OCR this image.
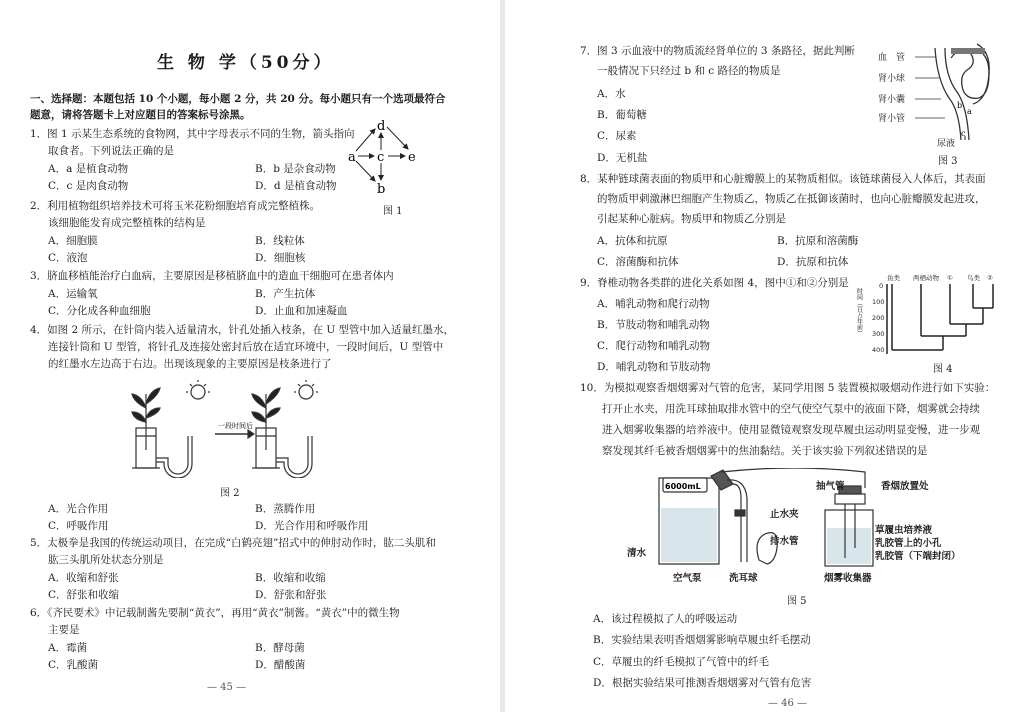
生 物 学（50分）
一、选择题：本题包括 10 个小题，每小题 2 分，共 20 分。每小题只有一个选项最符合
题意，请将答题卡上对应题目的答案标号涂黑。
1．图 1 示某生态系统的食物网，其中字母表示不同的生物，箭头指向
取食者。下列说法正确的是
A．a 是植食动物	B．b 是杂食动物
C．c 是肉食动物	D．d 是植食动物
a
b
c
d
e
图 1
2．利用植物组织培养技术可将玉米花粉细胞培育成完整植株。
该细胞能发育成完整植株的结构是
A．细胞膜	B．线粒体
C．液泡	D．细胞核
3．脐血移植能治疗白血病，主要原因是移植脐血中的造血干细胞可在患者体内
A．运输氧	B．产生抗体
C．分化成各种血细胞	D．止血和加速凝血
4．如图 2 所示，在针筒内装入适量清水，针孔处插入枝条，在 U 型管中加入适量红墨水，
连接针筒和 U 型管，将针孔及连接处密封后放在适宜环境中，一段时间后，U 型管中
的红墨水左边高于右边。出现该现象的主要原因是枝条进行了
一段时间后
图 2
A．光合作用	B．蒸腾作用
C．呼吸作用	D．光合作用和呼吸作用
5．太极拳是我国的传统运动项目，在完成“白鹤亮翅”招式中的伸肘动作时，肱二头肌和
肱三头肌所处状态分别是
A．收缩和舒张	B．收缩和收缩
C．舒张和收缩	D．舒张和舒张
6．《齐民要术》中记载制酱先要制“黄衣”，再用“黄衣”制酱。“黄衣”中的微生物
主要是
A．霉菌	B．酵母菌
C．乳酸菌	D．醋酸菌
— 45 —
7．图 3 示血液中的物质流经肾单位的 3 条路径，据此判断
一般情况下只经过 b 和 c 路径的物质是
A．水
B．葡萄糖
C．尿素
D．无机盐
血　管
肾小球
肾小囊
肾小管
a
b
c
尿液
图 3
8．某种链球菌表面的物质甲和心脏瓣膜上的某物质相似。该链球菌侵入人体后，其表面
的物质甲刺激淋巴细胞产生物质乙，物质乙在抵御该菌时，也向心脏瓣膜发起进攻，
引起某种心脏病。物质甲和物质乙分别是
A．抗体和抗原	B．抗原和溶菌酶
C．溶菌酶和抗体	D．抗原和抗体
9．脊椎动物各类群的进化关系如图 4，图中①和②分别是
A．哺乳动物和爬行动物
B．节肢动物和哺乳动物
C．爬行动物和哺乳动物
D．哺乳动物和节肢动物
鱼类 两栖动物 ① 鸟类 ②
0
100
200
300
400
时间（百万年前）
图 4
10．为模拟观察香烟烟雾对气管的危害，某同学用图 5 装置模拟吸烟动作进行如下实验：
打开止水夹，用洗耳球抽取排水管中的空气使空气泵中的液面下降，烟雾就会持续
进入烟雾收集器的培养液中。使用显微镜观察发现草履虫运动明显变慢，进一步观
察发现其纤毛被香烟烟雾中的焦油黏结。关于该实验下列叙述错误的是
6000mL	抽气管	香烟放置处
止水夹
排水管
清水
草履虫培养液
乳胶管上的小孔
乳胶管（下端封闭）
空气泵	洗耳球	烟雾收集器
图 5
A．该过程模拟了人的呼吸运动
B．实验结果表明香烟烟雾影响草履虫纤毛摆动
C．草履虫的纤毛模拟了气管中的纤毛
D．根据实验结果可推测香烟烟雾对气管有危害
— 46 —
